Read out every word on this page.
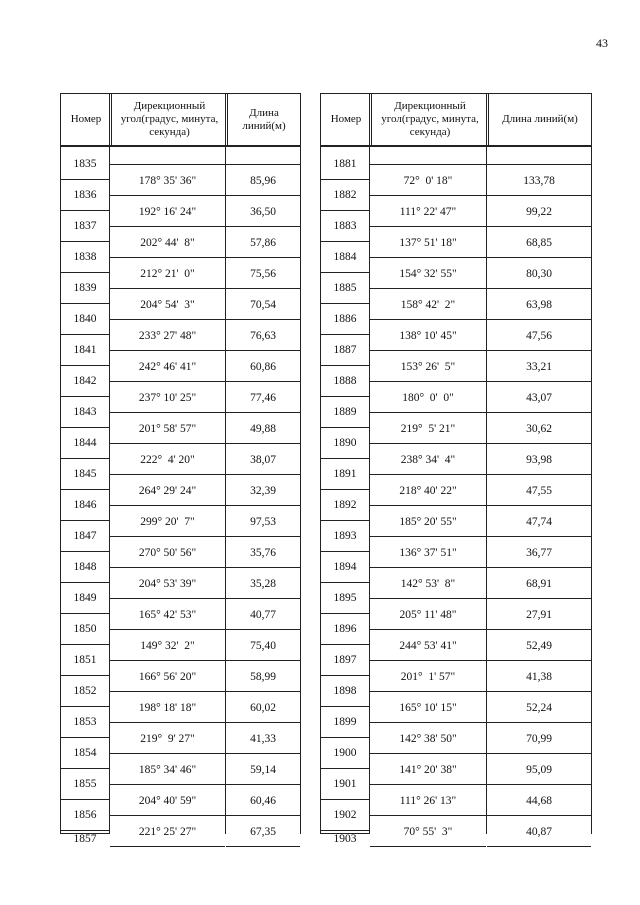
43
1835
1836
1837
1838
1839
1840
1841
1842
1843
1844
1845
1846
1847
1848
1849
1850
1851
1852
1853
1854
1855
1856
1857
178° 35' 36"
192° 16' 24"
202° 44'  8"
212° 21'  0"
204° 54'  3"
233° 27' 48"
242° 46' 41"
237° 10' 25"
201° 58' 57"
222°  4' 20"
264° 29' 24"
299° 20'  7"
270° 50' 56"
204° 53' 39"
165° 42' 53"
149° 32'  2"
166° 56' 20"
198° 18' 18"
219°  9' 27"
185° 34' 46"
204° 40' 59"
221° 25' 27"
85,96
36,50
57,86
75,56
70,54
76,63
60,86
77,46
49,88
38,07
32,39
97,53
35,76
35,28
40,77
75,40
58,99
60,02
41,33
59,14
60,46
67,35
Номер
Дирекционный угол(градус, минута, секунда)
Длина линий(м)
1881
1882
1883
1884
1885
1886
1887
1888
1889
1890
1891
1892
1893
1894
1895
1896
1897
1898
1899
1900
1901
1902
1903
72°  0' 18"
111° 22' 47"
137° 51' 18"
154° 32' 55"
158° 42'  2"
138° 10' 45"
153° 26'  5"
180°  0'  0"
219°  5' 21"
238° 34'  4"
218° 40' 22"
185° 20' 55"
136° 37' 51"
142° 53'  8"
205° 11' 48"
244° 53' 41"
201°  1' 57"
165° 10' 15"
142° 38' 50"
141° 20' 38"
111° 26' 13"
70° 55'  3"
133,78
99,22
68,85
80,30
63,98
47,56
33,21
43,07
30,62
93,98
47,55
47,74
36,77
68,91
27,91
52,49
41,38
52,24
70,99
95,09
44,68
40,87
Номер
Дирекционный угол(градус, минута, секунда)
Длина линий(м)
